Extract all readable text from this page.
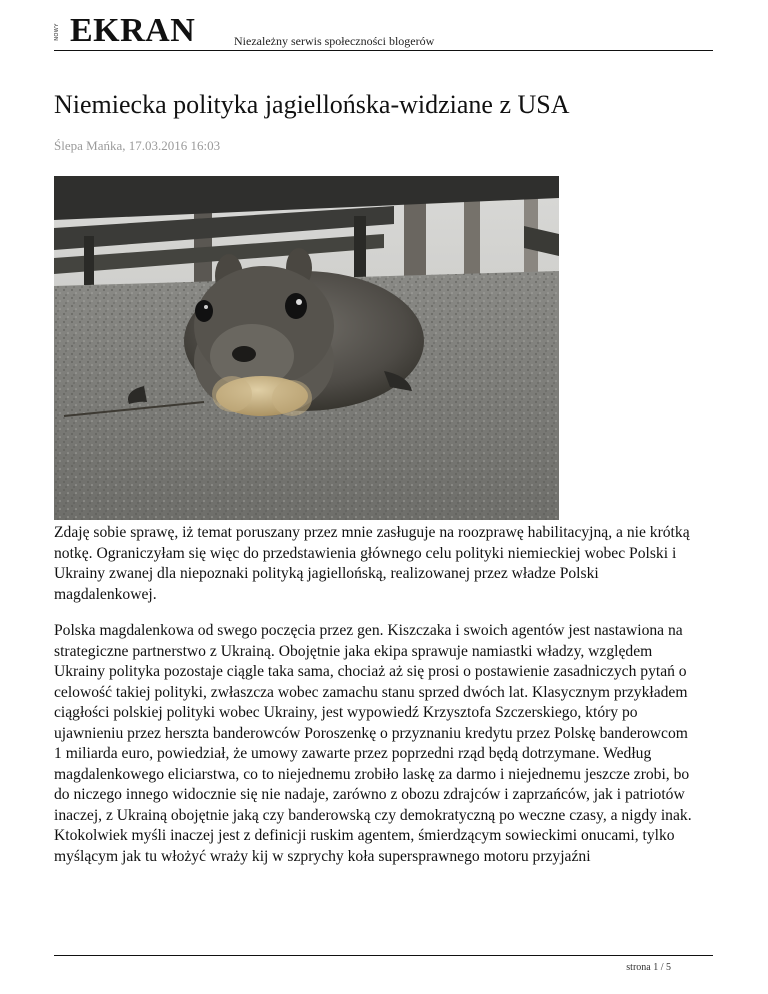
NOWY EKRAN	Niezależny serwis społeczności blogerów
Niemiecka polityka jagiellońska-widziane z USA
Ślepa Mańka, 17.03.2016 16:03

Zdaję sobie sprawę, iż temat poruszany przez mnie zasługuje na roozprawę habilitacyjną, a nie krótką notkę. Ograniczyłam się więc do przedstawienia głównego celu polityki niemieckiej wobec Polski i Ukrainy zwanej dla niepoznaki polityką jagiellońską, realizowanej przez władze Polski magdalenkowej.

Polska magdalenkowa od swego poczęcia przez gen. Kiszczaka i swoich agentów jest nastawiona na strategiczne partnerstwo z Ukrainą. Obojętnie jaka ekipa sprawuje namiastki władzy, względem Ukrainy polityka pozostaje ciągle taka sama, chociaż aż się prosi o postawienie zasadniczych pytań o celowość takiej polityki, zwłaszcza wobec zamachu stanu sprzed dwóch lat. Klasycznym przykładem ciągłości polskiej polityki wobec Ukrainy, jest wypowiedź Krzysztofa Szczerskiego, który po ujawnieniu przez herszta banderowców Poroszenkę o przyznaniu kredytu przez Polskę banderowcom 1 miliarda euro, powiedział, że umowy zawarte przez poprzedni rząd będą dotrzymane. Według magdalenkowego eliciarstwa, co to niejednemu zrobiło laskę za darmo i niejednemu jeszcze zrobi, bo do niczego innego widocznie się nie nadaje, zarówno z obozu zdrajców i zaprzańców, jak i patriotów inaczej, z Ukrainą obojętnie jaką czy banderowską czy demokratyczną po weczne czasy, a nigdy inak. Ktokolwiek myśli inaczej jest z definicji ruskim agentem, śmierdzącym sowieckimi onucami, tylko myślącym jak tu włożyć wrażу kij w szprychy koła supersprawnego motoru przyjaźni

strona 1 / 5
